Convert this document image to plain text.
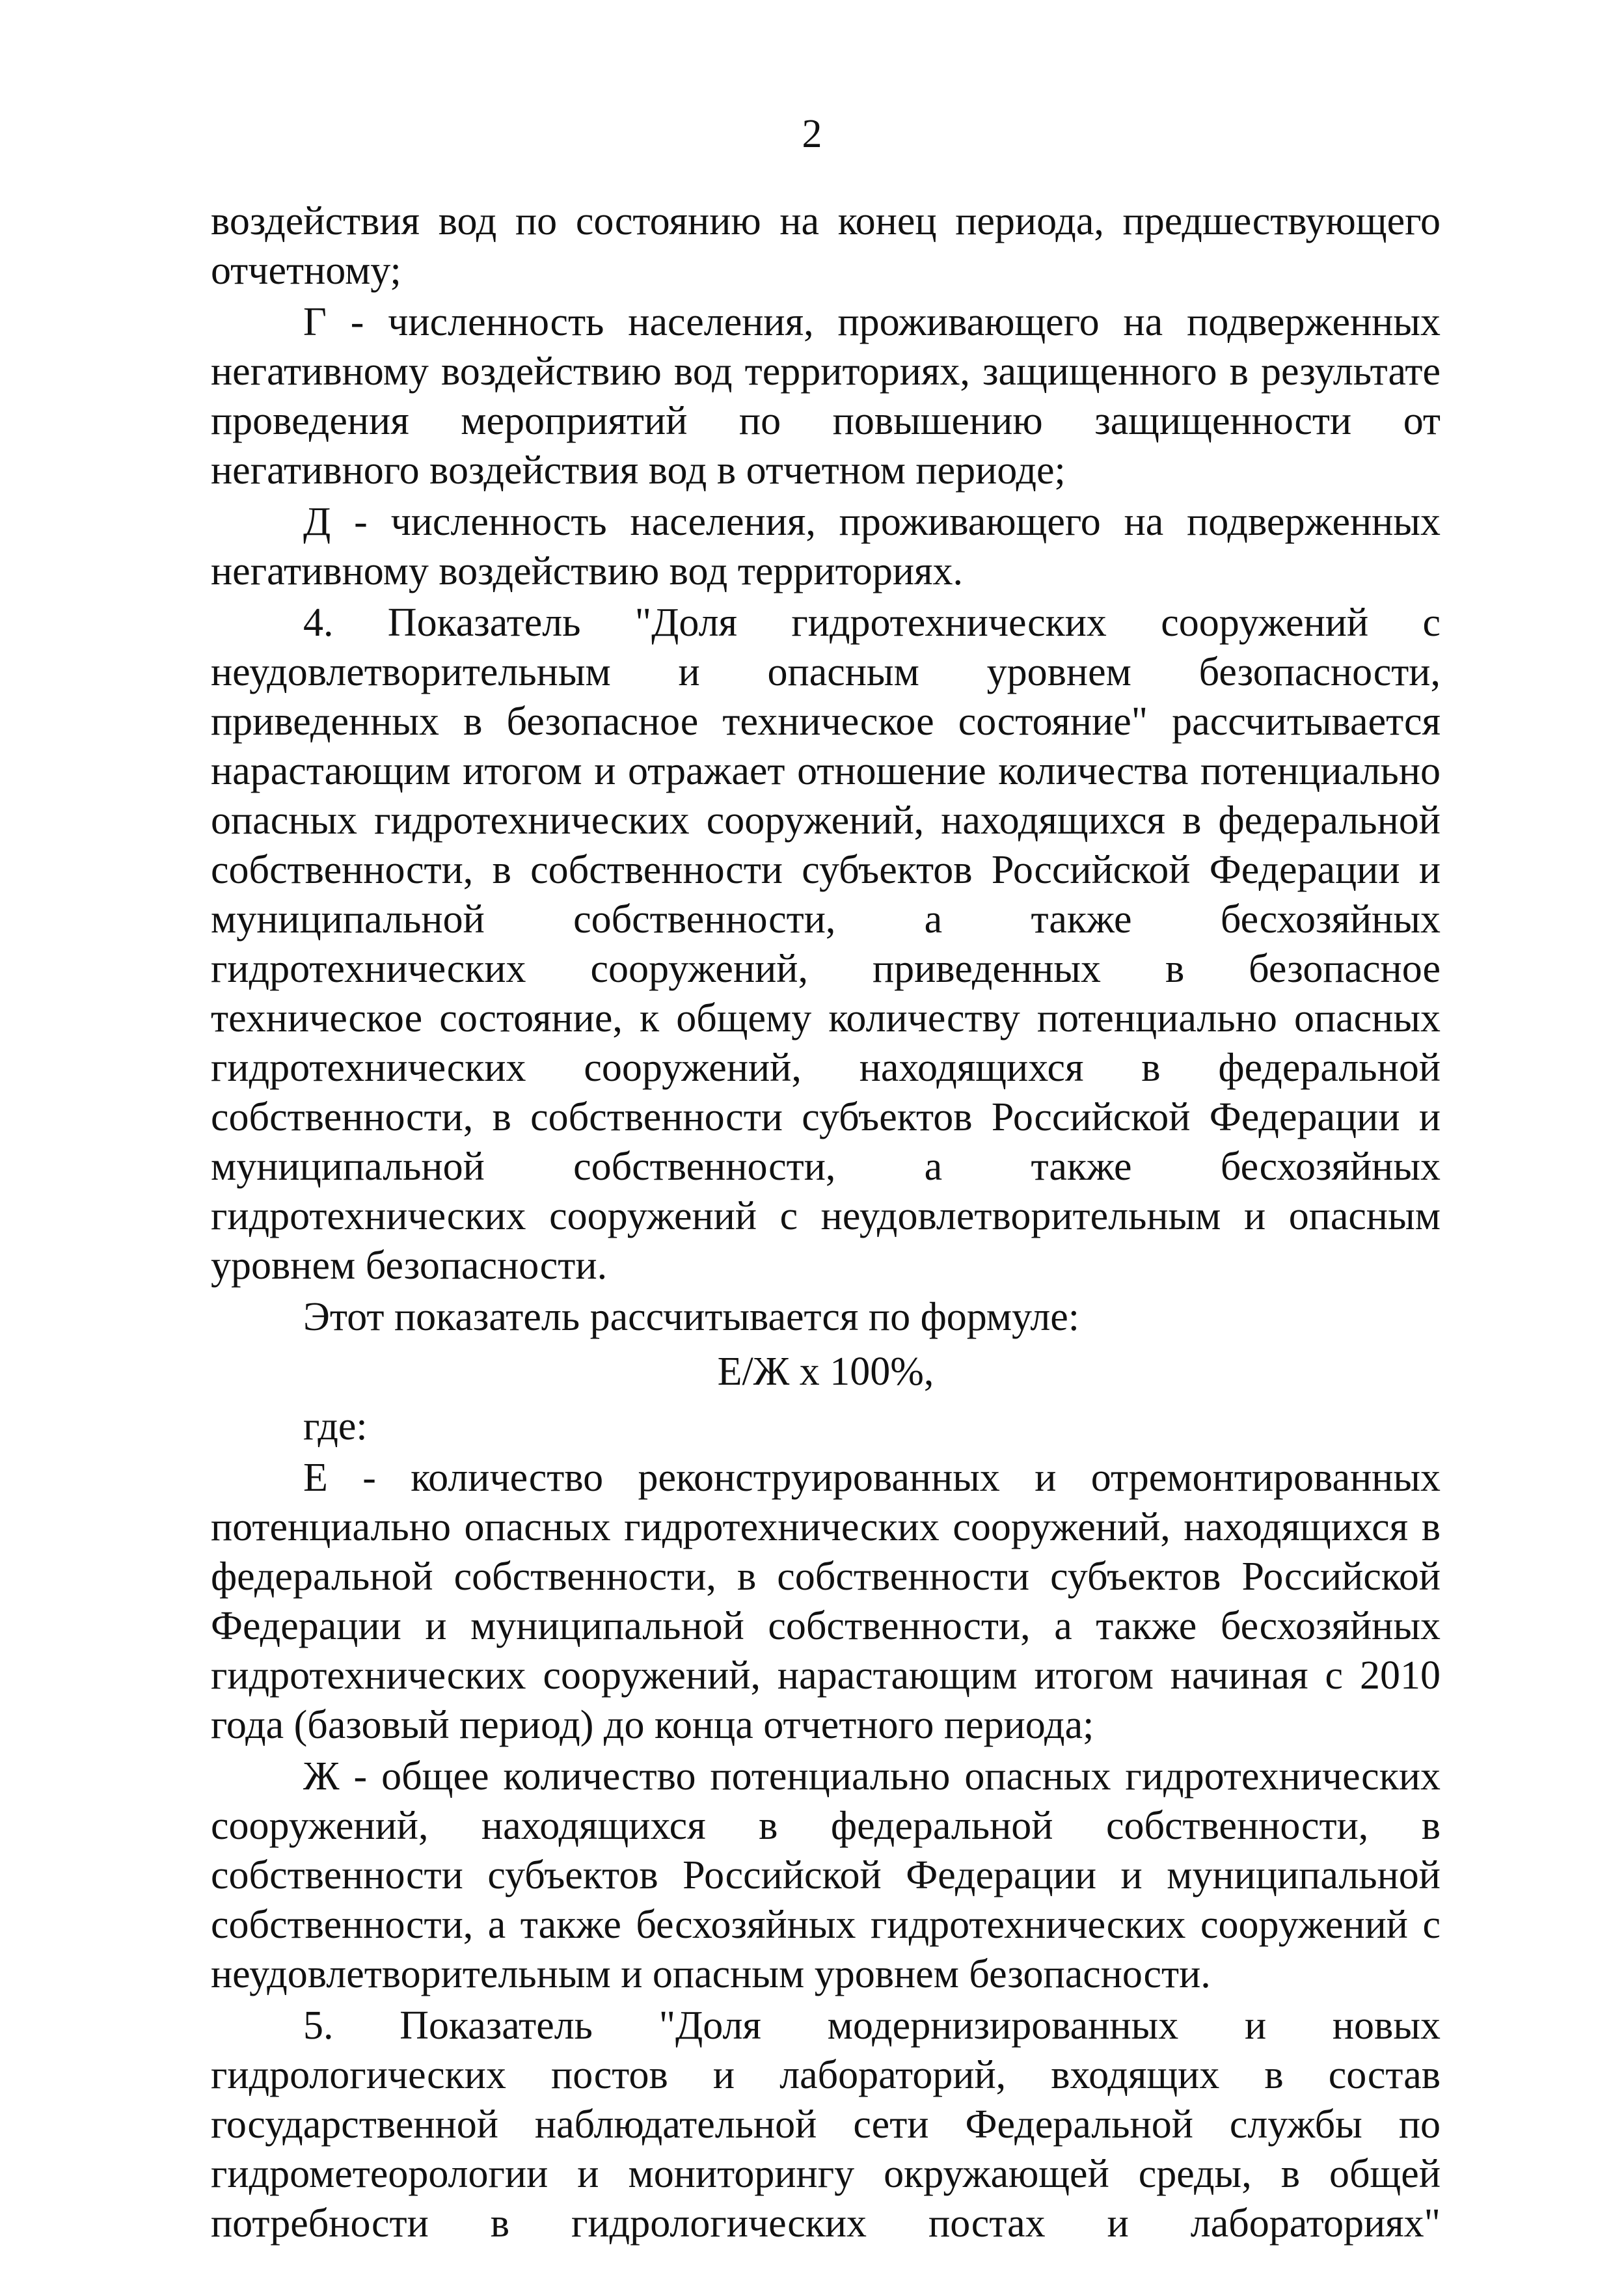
2

воздействия вод по состоянию на конец периода, предшествующего отчетному;

Г - численность населения, проживающего на подверженных негативному воздействию вод территориях, защищенного в результате проведения мероприятий по повышению защищенности от негативного воздействия вод в отчетном периоде;

Д - численность населения, проживающего на подверженных негативному воздействию вод территориях.

4. Показатель "Доля гидротехнических сооружений с неудовлетворительным и опасным уровнем безопасности, приведенных в безопасное техническое состояние" рассчитывается нарастающим итогом и отражает отношение количества потенциально опасных гидротехнических сооружений, находящихся в федеральной собственности, в собственности субъектов Российской Федерации и муниципальной собственности, а также бесхозяйных гидротехнических сооружений, приведенных в безопасное техническое состояние, к общему количеству потенциально опасных гидротехнических сооружений, находящихся в федеральной собственности, в собственности субъектов Российской Федерации и муниципальной собственности, а также бесхозяйных гидротехнических сооружений с неудовлетворительным и опасным уровнем безопасности.

Этот показатель рассчитывается по формуле:

Е/Ж x 100%,

где:

Е - количество реконструированных и отремонтированных потенциально опасных гидротехнических сооружений, находящихся в федеральной собственности, в собственности субъектов Российской Федерации и муниципальной собственности, а также бесхозяйных гидротехнических сооружений, нарастающим итогом начиная с 2010 года (базовый период) до конца отчетного периода;

Ж - общее количество потенциально опасных гидротехнических сооружений, находящихся в федеральной собственности, в собственности субъектов Российской Федерации и муниципальной собственности, а также бесхозяйных гидротехнических сооружений с неудовлетворительным и опасным уровнем безопасности.

5. Показатель "Доля модернизированных и новых гидрологических постов и лабораторий, входящих в состав государственной наблюдательной сети Федеральной службы по гидрометеорологии и мониторингу окружающей среды, в общей потребности в гидрологических постах и лабораториях"
